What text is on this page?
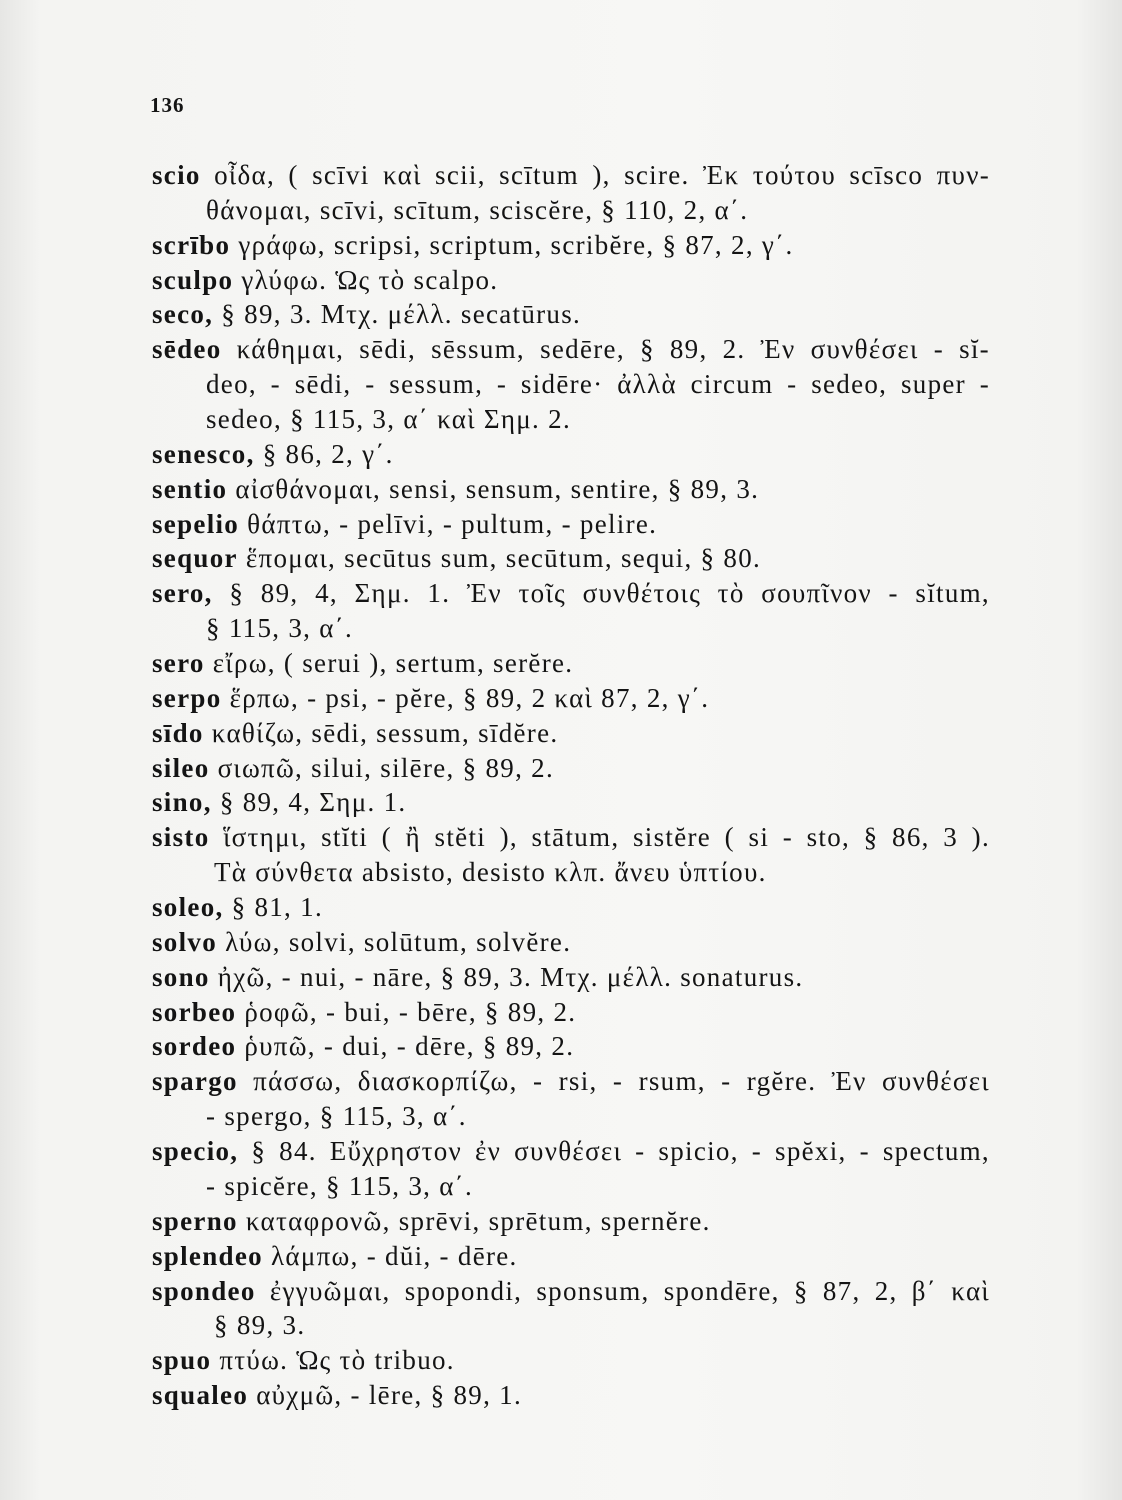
136
scio οἶδα, ( scīvi καὶ scii, scītum ), scire. Ἐκ τούτου scīsco πυν-
θάνομαι, scīvi, scītum, sciscĕre, § 110, 2, α΄.
scrībo γράφω, scripsi, scriptum, scribĕre, § 87, 2, γ΄.
sculpo γλύφω. Ὡς τὸ scalpo.
seco, § 89, 3. Μτχ. μέλλ. secatūrus.
sēdeo κάθημαι, sēdi, sēssum, sedēre, § 89, 2. Ἐν συνθέσει - sĭ-
deo, - sēdi, - sessum, - sidēre· ἀλλὰ circum - sedeo, super -
sedeo, § 115, 3, α΄ καὶ Σημ. 2.
senesco, § 86, 2, γ΄.
sentio αἰσθάνομαι, sensi, sensum, sentire, § 89, 3.
sepelio θάπτω, - pelīvi, - pultum, - pelire.
sequor ἕπομαι, secūtus sum, secūtum, sequi, § 80.
sero, § 89, 4, Σημ. 1. Ἐν τοῖς συνθέτοις τὸ σουπῖνον - sĭtum,
§ 115, 3, α΄.
sero εἴρω, ( serui ), sertum, serĕre.
serpo ἕρπω, - psi, - pĕre, § 89, 2 καὶ 87, 2, γ΄.
sīdo καθίζω, sēdi, sessum, sīdĕre.
sileo σιωπῶ, silui, silēre, § 89, 2.
sino, § 89, 4, Σημ. 1.
sisto ἵστημι, stĭti ( ἢ stĕti ), stātum, sistĕre ( si - sto, § 86, 3 ).
Τὰ σύνθετα absisto, desisto κλπ. ἄνευ ὑπτίου.
soleo, § 81, 1.
solvo λύω, solvi, solūtum, solvĕre.
sono ἠχῶ, - nui, - nāre, § 89, 3. Μτχ. μέλλ. sonaturus.
sorbeo ῥοφῶ, - bui, - bēre, § 89, 2.
sordeo ῥυπῶ, - dui, - dēre, § 89, 2.
spargo πάσσω, διασκορπίζω, - rsi, - rsum, - rgĕre. Ἐν συνθέσει
- spergo, § 115, 3, α΄.
specio, § 84. Εὔχρηστον ἐν συνθέσει - spicio, - spĕxi, - spectum,
- spicĕre, § 115, 3, α΄.
sperno καταφρονῶ, sprēvi, sprētum, spernĕre.
splendeo λάμπω, - dŭi, - dēre.
spondeo ἐγγυῶμαι, spopondi, sponsum, spondēre, § 87, 2, β΄ καὶ
§ 89, 3.
spuo πτύω. Ὡς τὸ tribuo.
squaleo αὐχμῶ, - lēre, § 89, 1.
